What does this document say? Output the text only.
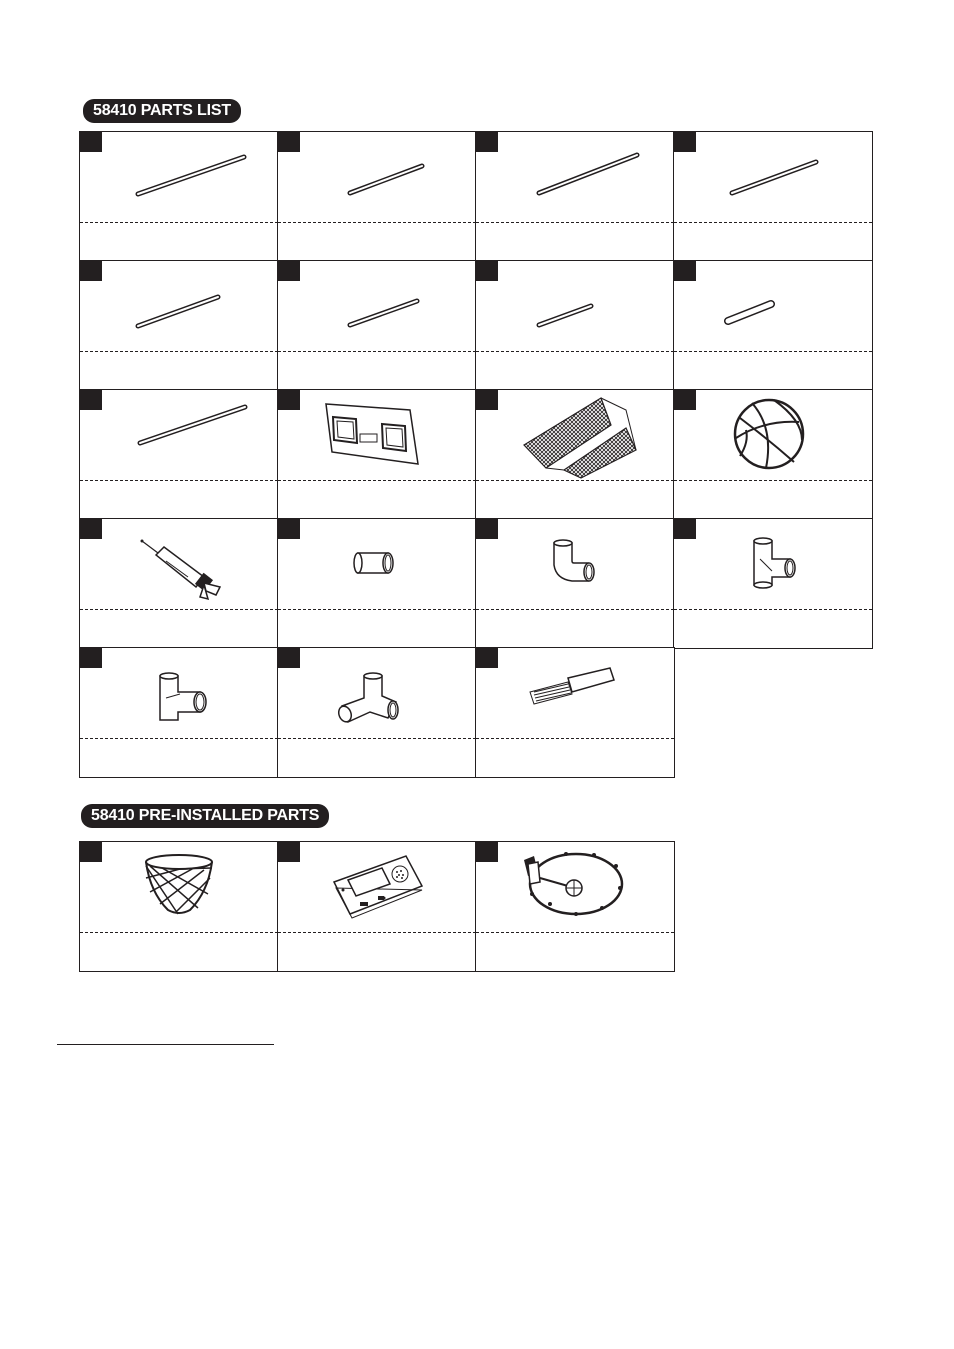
58410 PARTS LIST
58410 PRE-INSTALLED PARTS
